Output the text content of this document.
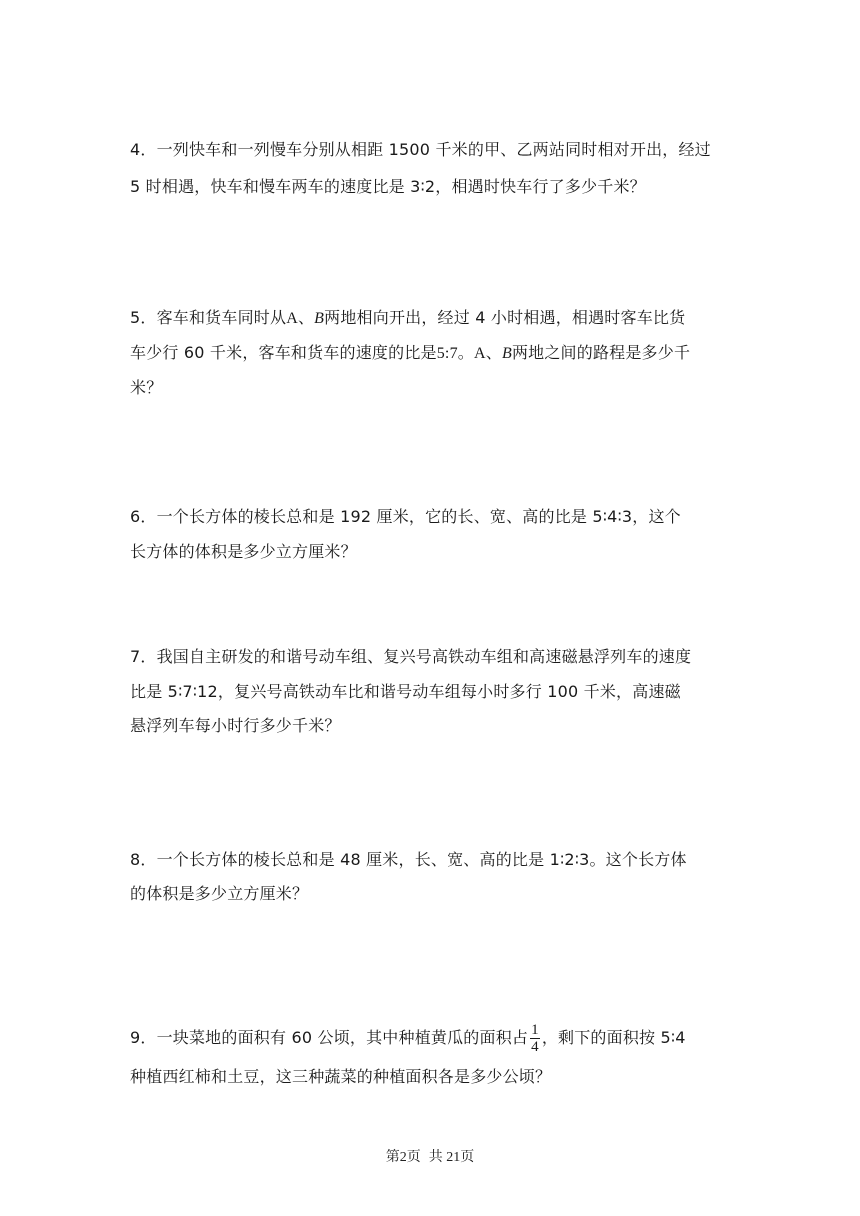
4．一列快车和一列慢车分别从相距 1500 千米的甲、乙两站同时相对开出，经过
5 时相遇，快车和慢车两车的速度比是 3∶2，相遇时快车行了多少千米？
5．客车和货车同时从A、B两地相向开出，经过 4 小时相遇，相遇时客车比货
车少行 60 千米，客车和货车的速度的比是5:7。A、B两地之间的路程是多少千
米？
6．一个长方体的棱长总和是 192 厘米，它的长、宽、高的比是 5∶4∶3，这个
长方体的体积是多少立方厘米？
7．我国自主研发的和谐号动车组、复兴号高铁动车组和高速磁悬浮列车的速度
比是 5∶7∶12，复兴号高铁动车比和谐号动车组每小时多行 100 千米，高速磁
悬浮列车每小时行多少千米？
8．一个长方体的棱长总和是 48 厘米，长、宽、高的比是 1∶2∶3。这个长方体
的体积是多少立方厘米？
9．一块菜地的面积有 60 公顷，其中种植黄瓜的面积占 $\frac{1}{4}$ ，剩下的面积按 5∶4
种植西红柿和土豆，这三种蔬菜的种植面积各是多少公顷？
第2页 共 21页
